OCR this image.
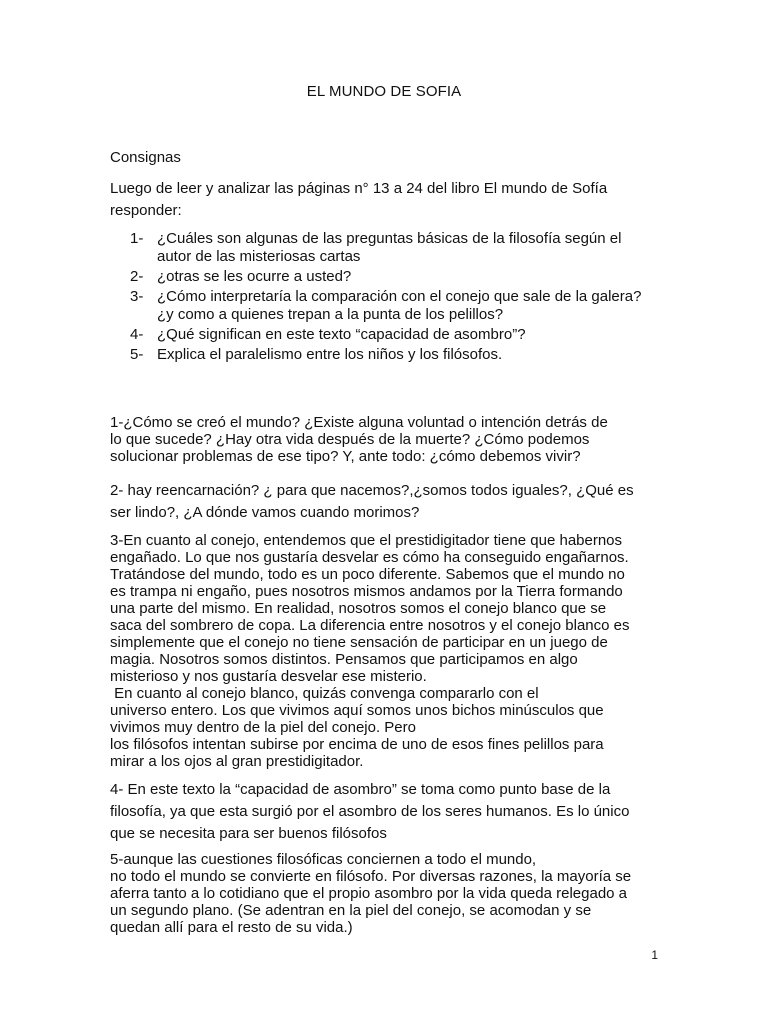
EL MUNDO DE SOFIA

Consignas

Luego de leer y analizar las páginas n° 13 a 24 del libro El mundo de Sofía
responder:

1- ¿Cuáles son algunas de las preguntas básicas de la filosofía según el
autor de las misteriosas cartas
2- ¿otras se les ocurre a usted?
3- ¿Cómo interpretaría la comparación con el conejo que sale de la galera?
¿y como a quienes trepan a la punta de los pelillos?
4- ¿Qué significan en este texto “capacidad de asombro”?
5- Explica el paralelismo entre los niños y los filósofos.

1-¿Cómo se creó el mundo? ¿Existe alguna voluntad o intención detrás de
lo que sucede? ¿Hay otra vida después de la muerte? ¿Cómo podemos
solucionar problemas de ese tipo? Y, ante todo: ¿cómo debemos vivir?

2- hay reencarnación? ¿ para que nacemos?,¿somos todos iguales?, ¿Qué es
ser lindo?, ¿A dónde vamos cuando morimos?

3-En cuanto al conejo, entendemos que el prestidigitador tiene que habernos
engañado. Lo que nos gustaría desvelar es cómo ha conseguido engañarnos.
Tratándose del mundo, todo es un poco diferente. Sabemos que el mundo no
es trampa ni engaño, pues nosotros mismos andamos por la Tierra formando
una parte del mismo. En realidad, nosotros somos el conejo blanco que se
saca del sombrero de copa. La diferencia entre nosotros y el conejo blanco es
simplemente que el conejo no tiene sensación de participar en un juego de
magia. Nosotros somos distintos. Pensamos que participamos en algo
misterioso y nos gustaría desvelar ese misterio.
En cuanto al conejo blanco, quizás convenga compararlo con el
universo entero. Los que vivimos aquí somos unos bichos minúsculos que
vivimos muy dentro de la piel del conejo. Pero
los filósofos intentan subirse por encima de uno de esos fines pelillos para
mirar a los ojos al gran prestidigitador.

4- En este texto la “capacidad de asombro” se toma como punto base de la
filosofía, ya que esta surgió por el asombro de los seres humanos. Es lo único
que se necesita para ser buenos filósofos

5-aunque las cuestiones filosóficas conciernen a todo el mundo,
no todo el mundo se convierte en filósofo. Por diversas razones, la mayoría se
aferra tanto a lo cotidiano que el propio asombro por la vida queda relegado a
un segundo plano. (Se adentran en la piel del conejo, se acomodan y se
quedan allí para el resto de su vida.)

1
